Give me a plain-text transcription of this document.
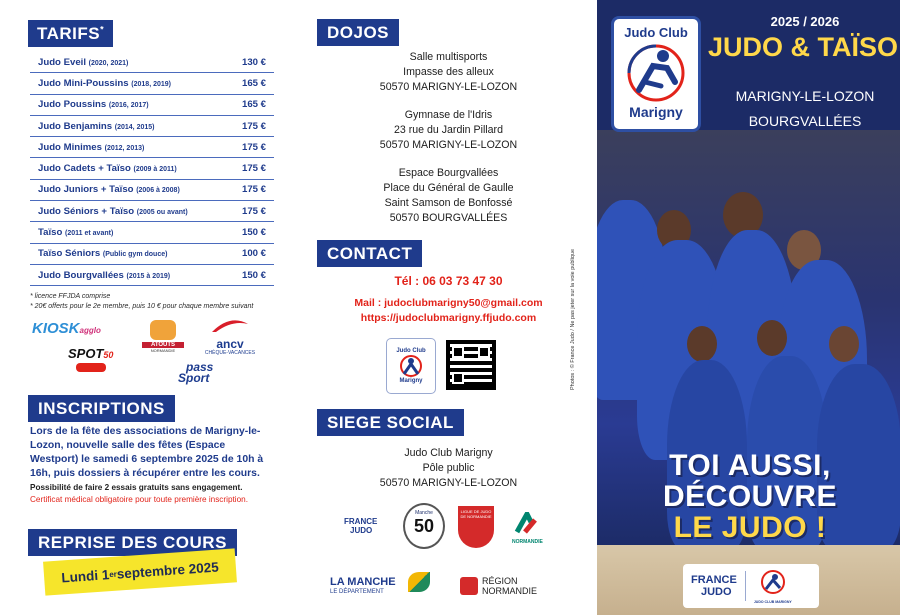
TARIFS*
Judo Eveil (2020, 2021)	130 €
Judo Mini-Poussins (2018, 2019)	165 €
Judo Poussins (2016, 2017)	165 €
Judo Benjamins (2014, 2015)	175 €
Judo Minimes (2012, 2013)	175 €
Judo Cadets + Taïso (2009 à 2011)	175 €
Judo Juniors + Taïso (2006 à 2008)	175 €
Judo Séniors + Taïso (2005 ou avant)	175 €
Taïso (2011 et avant)	150 €
Taïso Séniors (Public gym douce)	100 €
Judo Bourgvallées (2015 à 2019)	150 €
* licence FFJDA comprise
* 20€ offerts pour le 2e membre, puis 10 € pour chaque membre suivant
KIOSKagglo
ATOUTS
NORMANDIE	ancv
CHÈQUE-VACANCES
SPOT50
pass
Sport
INSCRIPTIONS
Lors de la fête des associations de Marigny-le-Lozon, nouvelle salle des fêtes (Espace Westport) le samedi 6 septembre 2025 de 10h à 16h, puis dossiers à récupérer entre les cours.
Possibilité de faire 2 essais gratuits sans engagement.
Certificat médical obligatoire pour toute première inscription.
REPRISE DES COURS
Lundi 1 er septembre 2025
DOJOS
Salle multisports
Impasse des alleux
50570 MARIGNY-LE-LOZON
Gymnase de l'Idris
23 rue du Jardin Pillard
50570 MARIGNY-LE-LOZON
Espace Bourgvallées
Place du Général de Gaulle
Saint Samson de Bonfossé
50570 BOURGVALLÉES
CONTACT
Tél : 06 03 73 47 30
Mail : judoclubmarigny50@gmail.com
https://judoclubmarigny.ffjudo.com
Judo Club
Marigny
SIEGE SOCIAL
Judo Club Marigny
Pôle public
50570 MARIGNY-LE-LOZON
FRANCE
JUDO
Manche
50
LIGUE DE JUDO DE NORMANDIE
NORMANDIE
LA MANCHE
LE DÉPARTEMENT
RÉGION
NORMANDIE
Photos : © France Judo / Ne pas jeter sur la voie publique
Judo Club
Marigny
2025 / 2026
JUDO & TAÏSO
MARIGNY-LE-LOZON
BOURGVALLÉES
TOI AUSSI,
DÉCOUVRE
LE JUDO !
FRANCE
JUDO
JUDO CLUB MARIGNY
